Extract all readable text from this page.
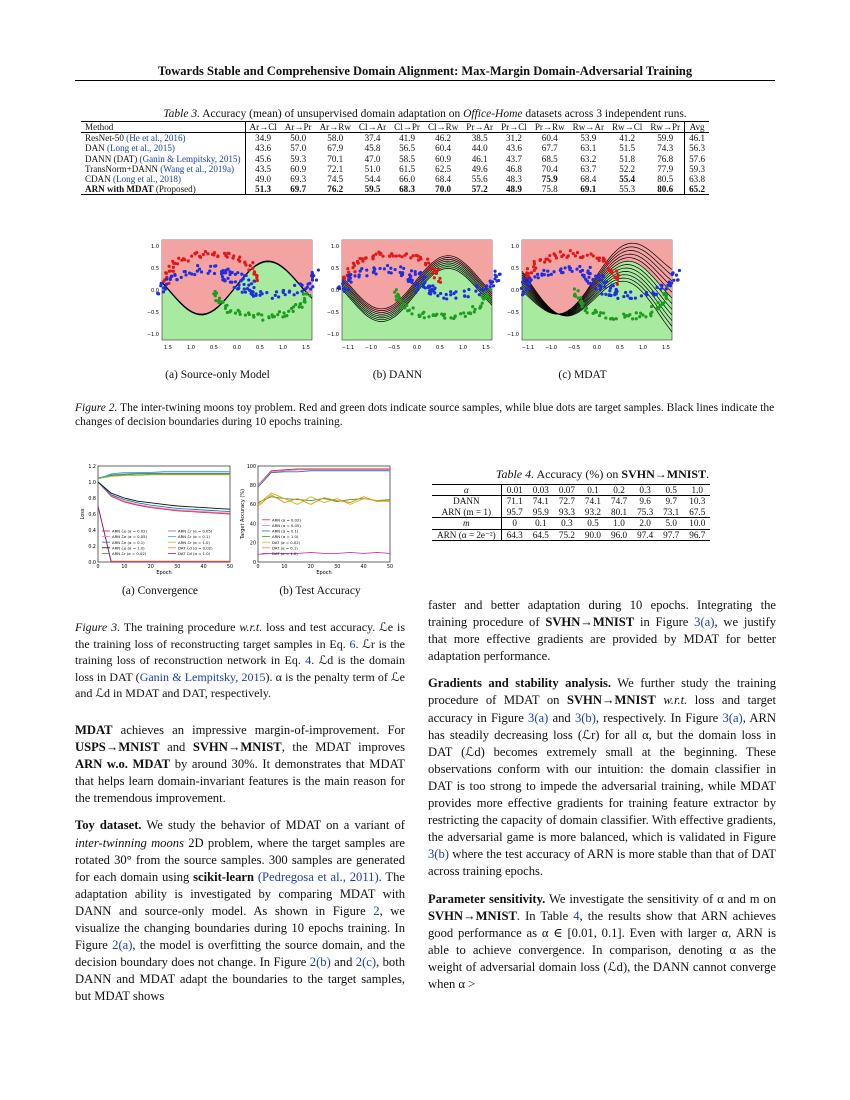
Towards Stable and Comprehensive Domain Alignment: Max-Margin Domain-Adversarial Training
Table 3. Accuracy (mean) of unsupervised domain adaptation on Office-Home datasets across 3 independent runs.
Method	Ar→Cl	Ar→Pr	Ar→Rw	Cl→Ar	Cl→Pr	Cl→Rw	Pr→Ar	Pr→Cl	Pr→Rw	Rw→Ar	Rw→Cl	Rw→Pr	Avg
ResNet-50 (He et al., 2016)	34.9	50.0	58.0	37.4	41.9	46.2	38.5	31.2	60.4	53.9	41.2	59.9	46.1
DAN (Long et al., 2015)	43.6	57.0	67.9	45.8	56.5	60.4	44.0	43.6	67.7	63.1	51.5	74.3	56.3
DANN (DAT) (Ganin & Lempitsky, 2015)	45.6	59.3	70.1	47.0	58.5	60.9	46.1	43.7	68.5	63.2	51.8	76.8	57.6
TransNorm+DANN (Wang et al., 2019a)	43.5	60.9	72.1	51.0	61.5	62.5	49.6	46.8	70.4	63.7	52.2	77.9	59.3
CDAN (Long et al., 2018)	49.0	69.3	74.5	54.4	66.0	68.4	55.6	48.3	75.9	68.4	55.4	80.5	63.8
ARN with MDAT (Proposed)	51.3	69.7	76.2	59.5	68.3	70.0	57.2	48.9	75.8	69.1	55.3	80.6	65.2
1.0
0.5
0.0
−0.5
−1.0
1.5	1.0	0.5	0.0	0.5	1.0	1.5
1.0
0.5
0.0
−0.5
−1.0
−1.1 −1.0 −0.5	0.0	0.5	1.0	1.5
1.0
0.5
0.0
−0.5
−1.0
−1.1 −1.0 −0.5	0.0	0.5	1.0	1.5
(a) Source-only Model	(b) DANN	(c) MDAT
Figure 2. The inter-twining moons toy problem. Red and green dots indicate source samples, while blue dots are target samples. Black lines indicate the changes of decision boundaries during 10 epochs training.
0.0
0.2
0.4
0.6
0.8
1.0
1.2
0	10	20	30	40	50
Epoch
Loss
ARN ℒe (α = 0.02)
ARN ℒe (α = 0.05)
ARN ℒe (α = 0.1)
ARN ℒe (α = 1.0)
ARN ℒr (α = 0.02)
ARN ℒr (α = 0.05)
ARN ℒr (α = 0.1)
ARN ℒr (α = 1.0)
DAT ℒd (α = 0.02)
DAT ℒd (α = 1.0)
0
20
40
60
80
100
0	10	20	30	40	50
Epoch
Target Accuracy (%)	ARN (α = 0.02)
ARN (α = 0.05)
ARN (α = 0.1)
ARN (α = 1.0)
DAT (α = 0.02)
DAT (α = 0.1)
DAT (α = 1.0)
(a) Convergence	(b) Test Accuracy
Figure 3. The training procedure w.r.t. loss and test accuracy. ℒe is the training loss of reconstructing target samples in Eq. 6. ℒr is the training loss of reconstruction network in Eq. 4. ℒd is the domain loss in DAT (Ganin & Lempitsky, 2015). α is the penalty term of ℒe and ℒd in MDAT and DAT, respectively.
Table 4. Accuracy (%) on SVHN→MNIST.
α	0.01	0.03	0.07	0.1	0.2	0.3	0.5	1.0
DANN	71.1	74.1	72.7	74.1	74.7	9.6	9.7	10.3
ARN (m = 1)	95.7	95.9	93.3	93.2	80.1	75.3	73.1	67.5
m	0	0.1	0.3	0.5	1.0	2.0	5.0	10.0
ARN (α = 2e⁻²)	64.3	64.5	75.2	90.0	96.0	97.4	97.7	96.7

MDAT achieves an impressive margin-of-improvement. For USPS→MNIST and SVHN→MNIST, the MDAT improves ARN w.o. MDAT by around 30%. It demonstrates that MDAT that helps learn domain-invariant features is the main reason for the tremendous improvement.

Toy dataset. We study the behavior of MDAT on a variant of inter-twinning moons 2D problem, where the target samples are rotated 30° from the source samples. 300 samples are generated for each domain using scikit-learn (Pedregosa et al., 2011). The adaptation ability is investigated by comparing MDAT with DANN and source-only model. As shown in Figure 2, we visualize the changing boundaries during 10 epochs training. In Figure 2(a), the model is overfitting the source domain, and the decision boundary does not change. In Figure 2(b) and 2(c), both DANN and MDAT adapt the boundaries to the target samples, but MDAT shows

faster and better adaptation during 10 epochs. Integrating the training procedure of SVHN→MNIST in Figure 3(a), we justify that more effective gradients are provided by MDAT for better adaptation performance.

Gradients and stability analysis. We further study the training procedure of MDAT on SVHN→MNIST w.r.t. loss and target accuracy in Figure 3(a) and 3(b), respectively. In Figure 3(a), ARN has steadily decreasing loss (ℒr) for all α, but the domain loss in DAT (ℒd) becomes extremely small at the beginning. These observations conform with our intuition: the domain classifier in DAT is too strong to impede the adversarial training, while MDAT provides more effective gradients for training feature extractor by restricting the capacity of domain classifier. With effective gradients, the adversarial game is more balanced, which is validated in Figure 3(b) where the test accuracy of ARN is more stable than that of DAT across training epochs.

Parameter sensitivity. We investigate the sensitivity of α and m on SVHN→MNIST. In Table 4, the results show that ARN achieves good performance as α ∈ [0.01, 0.1]. Even with larger α, ARN is able to achieve convergence. In comparison, denoting α as the weight of adversarial domain loss (ℒd), the DANN cannot converge when α >
